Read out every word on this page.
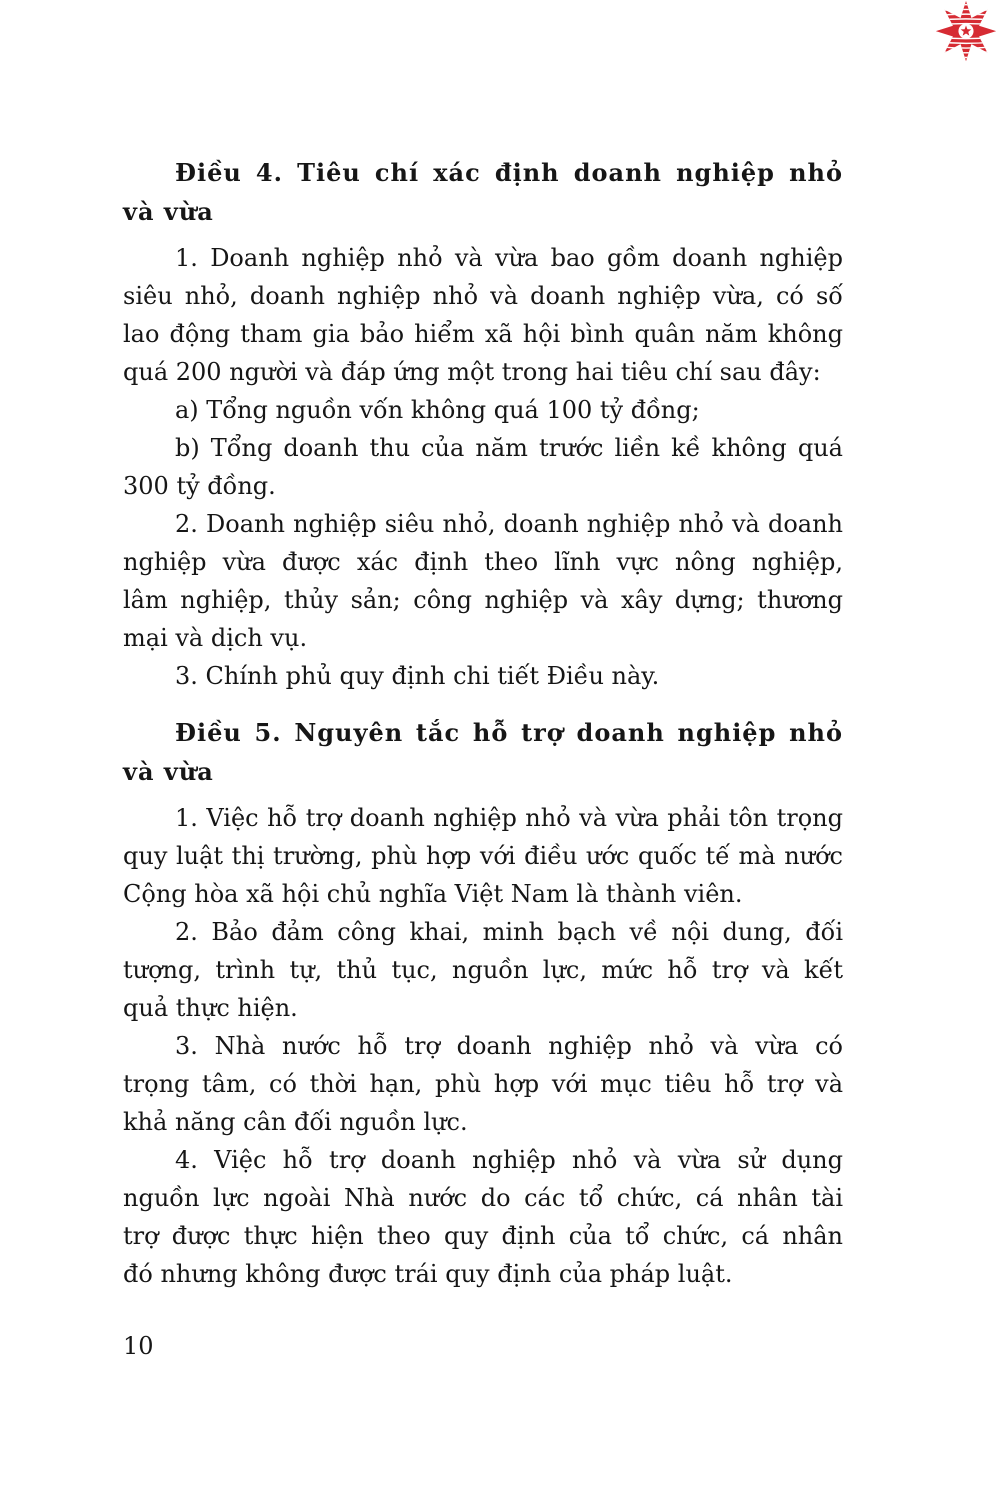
Điều 4. Tiêu chí xác định doanh nghiệp nhỏ
và vừa

1. Doanh nghiệp nhỏ và vừa bao gồm doanh nghiệp
siêu nhỏ, doanh nghiệp nhỏ và doanh nghiệp vừa, có số
lao động tham gia bảo hiểm xã hội bình quân năm không
quá 200 người và đáp ứng một trong hai tiêu chí sau đây:

a) Tổng nguồn vốn không quá 100 tỷ đồng;

b) Tổng doanh thu của năm trước liền kề không quá
300 tỷ đồng.

2. Doanh nghiệp siêu nhỏ, doanh nghiệp nhỏ và doanh
nghiệp vừa được xác định theo lĩnh vực nông nghiệp,
lâm nghiệp, thủy sản; công nghiệp và xây dựng; thương
mại và dịch vụ.

3. Chính phủ quy định chi tiết Điều này.

Điều 5. Nguyên tắc hỗ trợ doanh nghiệp nhỏ
và vừa

1. Việc hỗ trợ doanh nghiệp nhỏ và vừa phải tôn trọng
quy luật thị trường, phù hợp với điều ước quốc tế mà nước
Cộng hòa xã hội chủ nghĩa Việt Nam là thành viên.

2. Bảo đảm công khai, minh bạch về nội dung, đối
tượng, trình tự, thủ tục, nguồn lực, mức hỗ trợ và kết
quả thực hiện.

3. Nhà nước hỗ trợ doanh nghiệp nhỏ và vừa có
trọng tâm, có thời hạn, phù hợp với mục tiêu hỗ trợ và
khả năng cân đối nguồn lực.

4. Việc hỗ trợ doanh nghiệp nhỏ và vừa sử dụng
nguồn lực ngoài Nhà nước do các tổ chức, cá nhân tài
trợ được thực hiện theo quy định của tổ chức, cá nhân
đó nhưng không được trái quy định của pháp luật.

10
